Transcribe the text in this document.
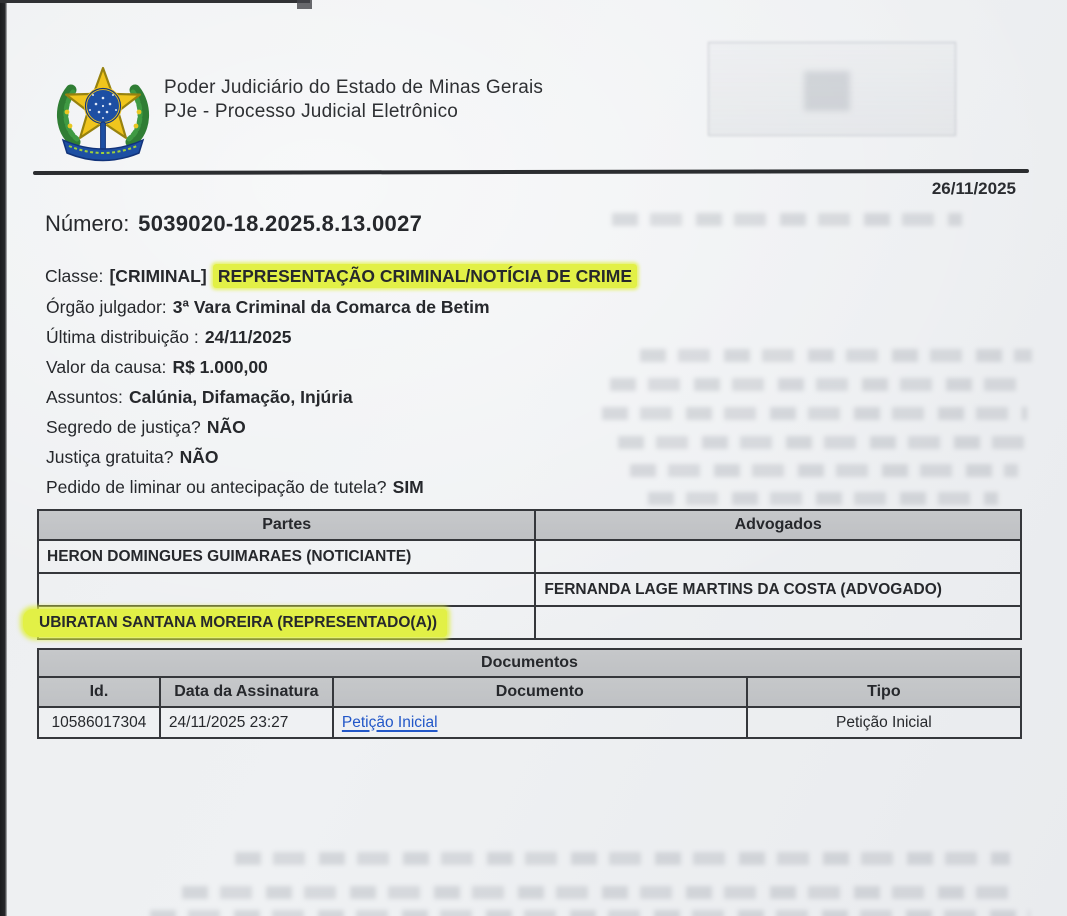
Poder Judiciário do Estado de Minas Gerais
PJe - Processo Judicial Eletrônico
26/11/2025
Número: 5039020-18.2025.8.13.0027
Classe: [CRIMINAL] REPRESENTAÇÃO CRIMINAL/NOTÍCIA DE CRIME
Órgão julgador: 3ª Vara Criminal da Comarca de Betim
Última distribuição : 24/11/2025
Valor da causa: R$ 1.000,00
Assuntos: Calúnia, Difamação, Injúria
Segredo de justiça? NÃO
Justiça gratuita? NÃO
Pedido de liminar ou antecipação de tutela? SIM
Partes	Advogados
HERON DOMINGUES GUIMARAES (NOTICIANTE)	
	FERNANDA LAGE MARTINS DA COSTA (ADVOGADO)
UBIRATAN SANTANA MOREIRA (REPRESENTADO(A))	
Documentos			
Id.	Data da Assinatura	Documento	Tipo
10586017304	24/11/2025 23:27	Petição Inicial	Petição Inicial
